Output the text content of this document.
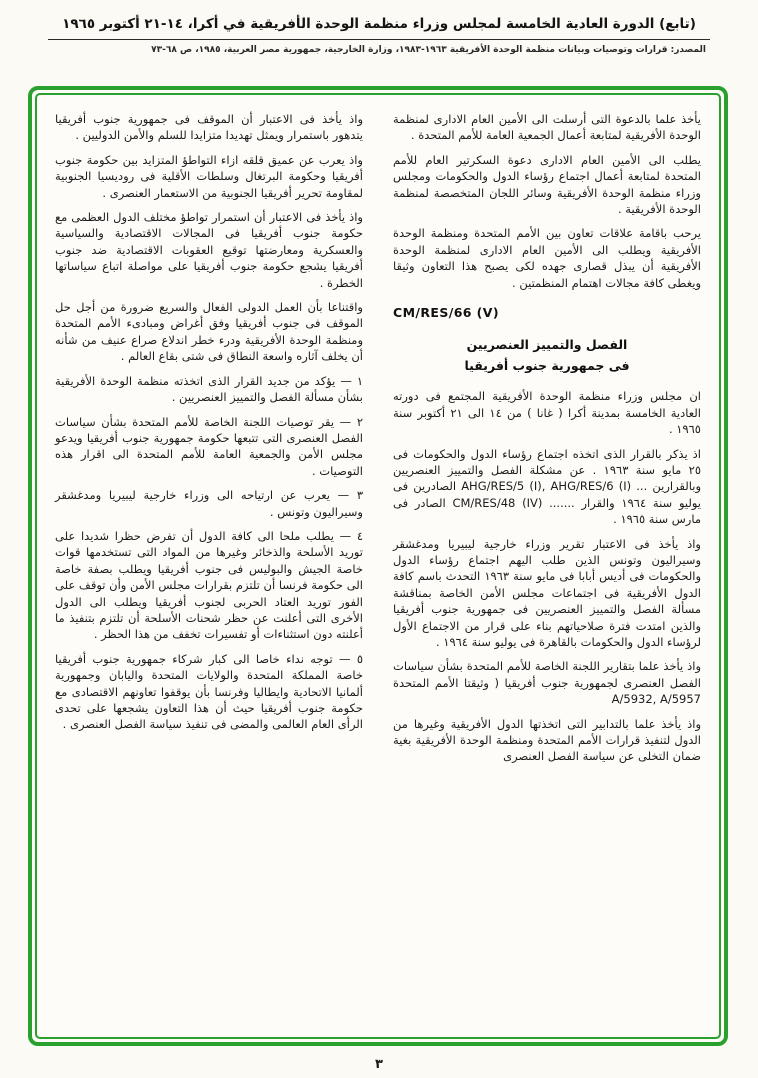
(تابع) الدورة العادية الخامسة لمجلس وزراء منظمة الوحدة الأفريقية في أكرا، ١٤-٢١ أكتوبر ١٩٦٥
المصدر: قرارات وتوصيات وبيانات منظمة الوحدة الأفريقية ١٩٦٣-١٩٨٣، وزارة الخارجية، جمهورية مصر العربية، ١٩٨٥، ص ٦٨-٧٣

يأخذ علما بالدعوة التى أرسلت الى الأمين العام الادارى لمنظمة الوحدة الأفريقية لمتابعة أعمال الجمعية العامة للأمم المتحدة .

يطلب الى الأمين العام الادارى دعوة السكرتير العام للأمم المتحدة لمتابعة أعمال اجتماع رؤساء الدول والحكومات ومجلس وزراء منظمة الوحدة الأفريقية وسائر اللجان المتخصصة لمنظمة الوحدة الأفريقية .

يرحب باقامة علاقات تعاون بين الأمم المتحدة ومنظمة الوحدة الأفريقية ويطلب الى الأمين العام الادارى لمنظمة الوحدة الأفريقية أن يبذل قصارى جهده لكى يصبح هذا التعاون وثيقا ويغطى كافة مجالات اهتمام المنظمتين .

CM/RES/66 (V)
الفصل والتمييز العنصريين
فى جمهورية جنوب أفريقيا

ان مجلس وزراء منظمة الوحدة الأفريقية المجتمع فى دورته العادية الخامسة بمدينة أكرا ( غانا ) من ١٤ الى ٢١ أكتوبر سنة ١٩٦٥ .

اذ يذكر بالقرار الذى اتخذه اجتماع رؤساء الدول والحكومات فى ٢٥ مايو سنة ١٩٦٣ . عن مشكلة الفصل والتمييز العنصريين وبالقرارين ... AHG/RES/5 (I), AHG/RES/6 (I) الصادرين فى يوليو سنة ١٩٦٤ والقرار ....... CM/RES/48 (IV) الصادر فى مارس سنة ١٩٦٥ .

واذ يأخذ فى الاعتبار تقرير وزراء خارجية ليبيريا ومدغشقر وسيراليون وتونس الذين طلب اليهم اجتماع رؤساء الدول والحكومات فى أديس أبابا فى مايو سنة ١٩٦٣ التحدث باسم كافة الدول الأفريقية فى اجتماعات مجلس الأمن الخاصة بمناقشة مسألة الفصل والتمييز العنصريين فى جمهورية جنوب أفريقيا والذين امتدت فترة صلاحياتهم بناء على قرار من الاجتماع الأول لرؤساء الدول والحكومات بالقاهرة فى يوليو سنة ١٩٦٤ .

واذ يأخذ علما بتقارير اللجنة الخاصة للأمم المتحدة بشأن سياسات الفصل العنصرى لجمهورية جنوب أفريقيا ( وثيقتا الأمم المتحدة A/5932, A/5957

واذ يأخذ علما بالتدابير التى اتخذتها الدول الأفريقية وغيرها من الدول لتنفيذ قرارات الأمم المتحدة ومنظمة الوحدة الأفريقية بغية ضمان التخلى عن سياسة الفصل العنصرى

واذ يأخذ فى الاعتبار أن الموقف فى جمهورية جنوب أفريقيا يتدهور باستمرار ويمثل تهديدا متزايدا للسلم والأمن الدوليين .

واذ يعرب عن عميق قلقه ازاء التواطؤ المتزايد بين حكومة جنوب أفريقيا وحكومة البرتغال وسلطات الأقلية فى روديسيا الجنوبية لمقاومة تحرير أفريقيا الجنوبية من الاستعمار العنصرى .

واذ يأخذ فى الاعتبار أن استمرار تواطؤ مختلف الدول العظمى مع حكومة جنوب أفريقيا فى المجالات الاقتصادية والسياسية والعسكرية ومعارضتها توقيع العقوبات الاقتصادية ضد جنوب أفريقيا يشجع حكومة جنوب أفريقيا على مواصلة اتباع سياساتها الخطرة .

واقتناعا بأن العمل الدولى الفعال والسريع ضرورة من أجل حل الموقف فى جنوب أفريقيا وفق أغراض ومبادىء الأمم المتحدة ومنظمة الوحدة الأفريقية ودرء خطر اندلاع صراع عنيف من شأنه أن يخلف آثاره واسعة النطاق فى شتى بقاع العالم .

١ — يؤكد من جديد القرار الذى اتخذته منظمة الوحدة الأفريقية بشأن مسألة الفصل والتمييز العنصريين .

٢ — يقر توصيات اللجنة الخاصة للأمم المتحدة بشأن سياسات الفصل العنصرى التى تتبعها حكومة جمهورية جنوب أفريقيا ويدعو مجلس الأمن والجمعية العامة للأمم المتحدة الى اقرار هذه التوصيات .

٣ — يعرب عن ارتياحه الى وزراء خارجية ليبيريا ومدغشقر وسيراليون وتونس .

٤ — يطلب ملحا الى كافة الدول أن تفرض حظرا شديدا على توريد الأسلحة والذخائر وغيرها من المواد التى تستخدمها قوات خاصة الجيش والبوليس فى جنوب أفريقيا ويطلب بصفة خاصة الى حكومة فرنسا أن تلتزم بقرارات مجلس الأمن وأن توقف على الفور توريد العتاد الحربى لجنوب أفريقيا ويطلب الى الدول الأخرى التى أعلنت عن حظر شحنات الأسلحة أن تلتزم بتنفيذ ما أعلنته دون استثناءات أو تفسيرات تخفف من هذا الحظر .

٥ — توجه نداء خاصا الى كبار شركاء جمهورية جنوب أفريقيا خاصة المملكة المتحدة والولايات المتحدة واليابان وجمهورية ألمانيا الاتحادية وايطاليا وفرنسا بأن يوقفوا تعاونهم الاقتصادى مع حكومة جنوب أفريقيا حيث أن هذا التعاون يشجعها على تحدى الرأى العام العالمى والمضى فى تنفيذ سياسة الفصل العنصرى .

٣
